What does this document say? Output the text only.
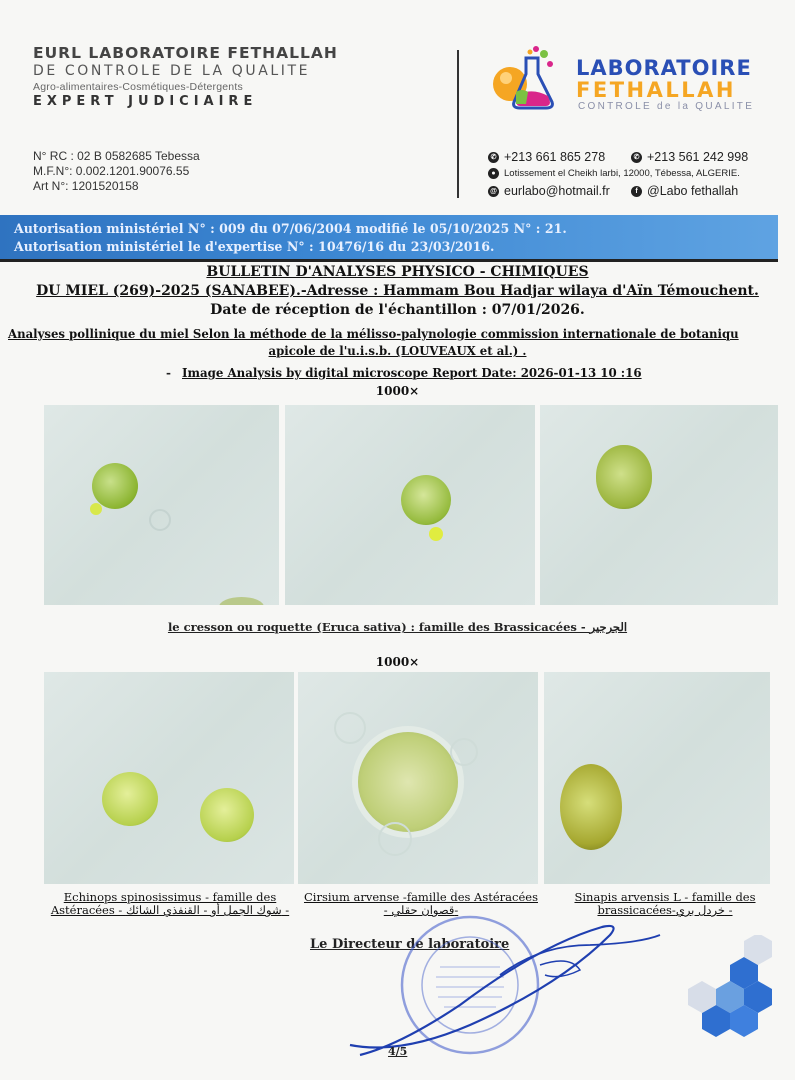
EURL LABORATOIRE FETHALLAH
DE CONTROLE DE LA QUALITE
Agro-alimentaires-Cosmétiques-Détergents
EXPERT JUDICIAIRE
N° RC : 02 B 0582685 Tebessa
M.F.N°: 0.002.1201.90076.55
Art N°: 1201520158
LABORATOIRE
FETHALLAH
CONTROLE de la QUALITE
✆ +213 661 865 278	✆ +213 561 242 998
● Lotissement el Cheikh larbi, 12000, Tébessa, ALGERIE.
@ eurlabo@hotmail.fr	f @Labo fethallah
Autorisation ministériel N° : 009 du 07/06/2004 modifié le 05/10/2025 N° : 21.
Autorisation ministériel le d'expertise N° : 10476/16 du 23/03/2016.
BULLETIN D'ANALYSES PHYSICO - CHIMIQUES
DU MIEL (269)-2025 (SANABEE).-Adresse : Hammam Bou Hadjar wilaya d'Aïn Témouchent.
Date de réception de l'échantillon : 07/01/2026.
Analyses pollinique du miel Selon la méthode de la mélisso-palynologie commission internationale de botaniqu
apicole de l'u.i.s.b. (LOUVEAUX et al.) .
- Image Analysis by digital microscope Report Date: 2026-01-13 10 :16
1000×
le cresson ou roquette (Eruca sativa) : famille des Brassicacées - الجرجير
1000×
Echinops spinosissimus - famille des
Astéracées - شوك الجمل أو - القنفذي الشائك -
Cirsium arvense -famille des Astéracées
- قصوان حقلي-
Sinapis arvensis L - famille des
brassicacées-خردل بري -
Le Directeur de laboratoire
4/5
